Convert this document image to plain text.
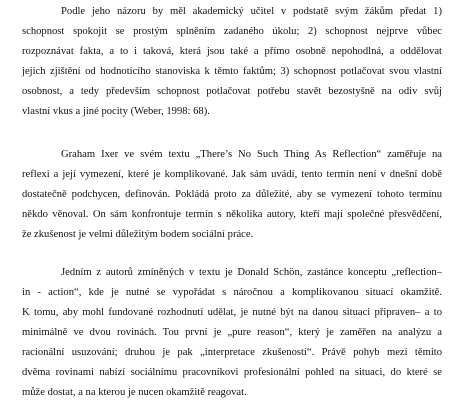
Podle jeho názoru by měl akademický učitel v podstatě svým žákům předat 1)
schopnost spokojit se prostým splněním zadaného úkolu; 2) schopnost nejprve vůbec
rozpoznávat fakta, a to i taková, která jsou také a přímo osobně nepohodlná, a oddělovat
jejich zjištění od hodnotícího stanoviska k těmto faktům; 3) schopnost potlačovat svou vlastní
osobnost, a tedy především schopnost potlačovat potřebu stavět bezostyšně na odiv svůj
vlastní vkus a jiné pocity (Weber, 1998: 68).
Graham Ixer ve svém textu „There’s No Such Thing As Reflection“ zaměřuje na
reflexi a její vymezení, které je komplikované. Jak sám uvádí, tento termín není v dnešní době
dostatečně podchycen, definován. Pokládá proto za důležité, aby se vymezení tohoto termínu
někdo věnoval. On sám konfrontuje termín s několika autory, kteří mají společné přesvědčení,
že zkušenost je velmi důležitým bodem sociální práce.
Jedním z autorů zmíněných v textu je Donald Schön, zastánce konceptu „reflection–
in - action“, kde je nutné se vypořádat s náročnou a komplikovanou situací okamžitě.
K tomu, aby mohl fundované rozhodnutí udělat, je nutné být na danou situaci připraven– a to
minimálně ve dvou rovinách. Tou první je „pure reason“, který je zaměřen na analýzu a
racionální usuzování; druhou je pak „interpretace zkušeností“. Právě pohyb mezi těmito
dvěma rovinami nabízí sociálnímu pracovníkovi profesionální pohled na situaci, do které se
může dostat, a na kterou je nucen okamžitě reagovat.
